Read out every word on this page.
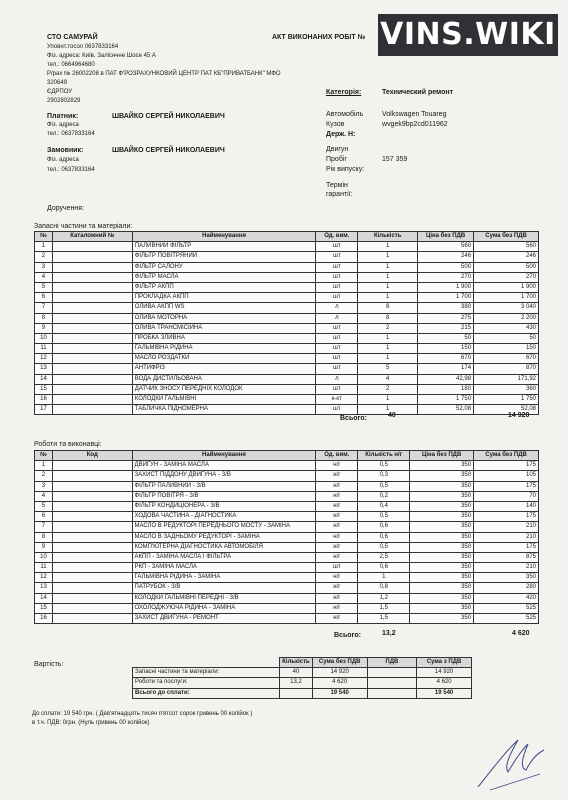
СТО САМУРАЙ	АКТ ВИКОНАНИХ РОБІТ № VINS.WIKI
Уповнт.тосол 0637833164
Фіз. адреса: Київ, Заліснчне Шосе 45 А
тел.: 0664964680
Р/рах № 26002208 в ПАТ Ф'РОЗРАХУНКОВИЙ ЦЕНТР ПАТ КБ"ПРИВАТБАНК" МФО
320649
ЄДРПОУ
2902802829
Категорія:	Технический ремонт
Платник:	ШВАЙКО СЕРГЕЙ НИКОЛАЕВИЧ
Фіз. адреса
тел.: 0637833164
Замовник:	ШВАЙКО СЕРГЕЙ НИКОЛАЕВИЧ
Фіз. адреса
тел.: 0637833164
Автомобіль	Volkswagen Touareg
Кузов	wvgek9bp2cd011962
Держ. Н:
Двигун
Пробіг	157 359
Рік випуску:
Термін
гарантії:
Доручення:
Запасні частини та матеріали:
№	Каталожний №	Найменування	Од. вим.	Кількість	Ціна без ПДВ	Сума без ПДВ
1		ПАЛИВНИЙ ФІЛЬТР	шт	1	560	560
2		ФІЛЬТР ПОВІТРЯНИЙ	шт	1	246	246
3		ФІЛЬТР САЛОНУ	шт	1	500	500
4		ФІЛЬТР МАСЛА	шт	1	270	270
5		ФІЛЬТР АКПП	шт	1	1 900	1 900
6		ПРОКЛАДКА АКПП	шт	1	1 700	1 700
7		ОЛИВА АКПП WS	л	8	380	3 040
8		ОЛИВА МОТОРНА	л	8	275	2 200
9		ОЛИВА ТРАНСМІСІЙНА	шт	2	215	430
10		ПРОБКА ЗЛИВНА	шт	1	50	50
11		ГАЛЬМІВНА РІДИНА	шт	1	150	150
12		МАСЛО РОЗДАТКИ	шт	1	670	670
13		АНТИФРІЗ	шт	5	174	870
14		ВОДА ДИСТИЛЬОВАНА	л	4	42,98	171,92
15		ДАТЧИК ЗНОСУ ПЕРЕДНІХ КОЛОДОК	шт	2	180	360
16		КОЛОДКИ ГАЛЬМІВНІ	к-кт	1	1 750	1 750
17		ТАБЛИЧКА ПІДНОМЕРНА	шт	1	52,08	52,08
Всього:	40	14 920
Роботи та виконавці:
№	Код	Найменування	Од. вим.	Кількість н/г	Ціна без ПДВ	Сума без ПДВ
1		ДВИГУН - ЗАМІНА МАСЛА	н/г	0,5	350	175
2		ЗАХИСТ ПІДДОНУ ДВИГУНА - З/В	н/г	0,3	350	105
3		ФІЛЬТР ПАЛИВНИЙ - З/В	н/г	0,5	350	175
4		ФІЛЬТР ПОВІТРЯ - З/В	н/г	0,2	350	70
5		ФІЛЬТР КОНДИЦІОНЕРА - З/В	н/г	0,4	350	140
6		ХОДОВА ЧАСТИНА - ДІАГНОСТИКА	н/г	0,5	350	175
7		МАСЛО В РЕДУКТОРІ ПЕРЕДНЬОГО МОСТУ - ЗАМІНА	н/г	0,6	350	210
8		МАСЛО В ЗАДНЬОМУ РЕДУКТОРІ - ЗАМІНА	н/г	0,6	350	210
9		КОМП'ЮТЕРНА ДІАГНОСТИКА АВТОМОБІЛЯ	н/г	0,5	350	175
10		АКПП - ЗАМІНА МАСЛА І ФІЛЬТРА	н/г	2,5	350	875
11		РКП - ЗАМІНА МАСЛА	шт	0,6	350	210
12		ГАЛЬМІВНА РІДИНА - ЗАМІНА	н/г	1	350	350
13		ПАТРУБОК - З/В	н/г	0,8	350	280
14		КОЛОДКИ ГАЛЬМІВНІ ПЕРЕДНІ - З/В	н/г	1,2	350	420
15		ОХОЛОДЖУЮЧА РІДИНА - ЗАМІНА	н/г	1,5	350	525
16		ЗАХИСТ ДВИГУНА - РЕМОНТ	н/г	1,5	350	525
Всього:	13,2	4 620
Вартість:
		Кількість	Сума без ПДВ	ПДВ	Сума з ПДВ
Запасні частини та матеріали:	40	14 920		14 920
Роботи та послуги:	13,2	4 620		4 620
Всього до сплати:		19 540		19 540
До сплати: 19 540 грн. ( Дев'ятнадцять тисяч п'ятсот сорок гривень 00 копійок )
в т.ч. ПДВ: 0грн. (Нуль гривень 00 копійок)
